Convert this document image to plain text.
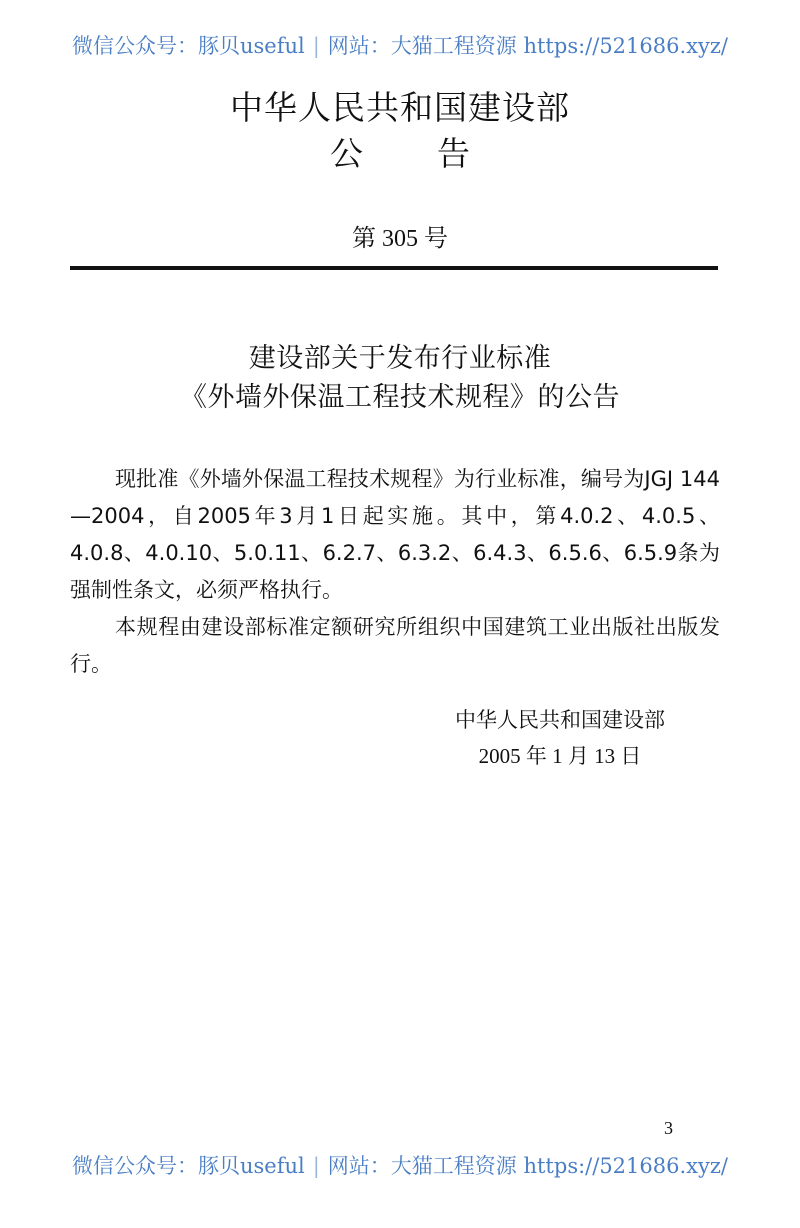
微信公众号：豚贝useful | 网站：大猫工程资源 https://521686.xyz/
中华人民共和国建设部
公 告
第 305 号
建设部关于发布行业标准
《外墙外保温工程技术规程》的公告

现批准《外墙外保温工程技术规程》为行业标准，编号为JGJ 144—2004，自2005年3月1日起实施。其中，第4.0.2、4.0.5、4.0.8、4.0.10、5.0.11、6.2.7、6.3.2、6.4.3、6.5.6、6.5.9条为强制性条文，必须严格执行。

本规程由建设部标准定额研究所组织中国建筑工业出版社出版发行。

中华人民共和国建设部
2005 年 1 月 13 日
3
微信公众号：豚贝useful | 网站：大猫工程资源 https://521686.xyz/
